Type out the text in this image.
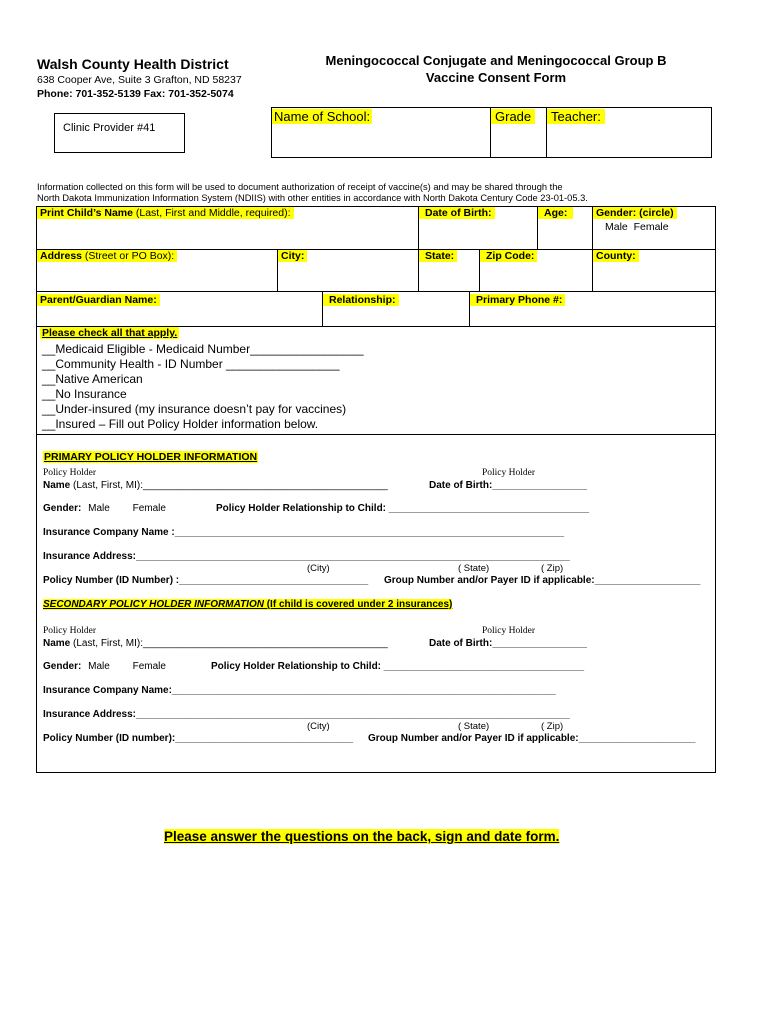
Walsh County Health District
638 Cooper Ave, Suite 3 Grafton, ND 58237
Phone: 701-352-5139 Fax: 701-352-5074
Clinic Provider #41
Meningococcal Conjugate and Meningococcal Group B
Vaccine Consent Form
Name of School:	Grade	Teacher:
Information collected on this form will be used to document authorization of receipt of vaccine(s) and may be shared through the
North Dakota Immunization Information System (NDIIS) with other entities in accordance with North Dakota Century Code 23-01-05.3.
Print Child’s Name (Last, First and Middle, required):	Date of Birth:	Age:	Gender: (circle)
Male  Female
Address (Street or PO Box):	City:	State:	Zip Code:	County:
Parent/Guardian Name:	Relationship:	Primary Phone #:
Please check all that apply.
__Medicaid Eligible - Medicaid Number_________________
__Community Health - ID Number _________________
__Native American
__No Insurance
__Under-insured (my insurance doesn’t pay for vaccines)
__Insured – Fill out Policy Holder information below.
PRIMARY POLICY HOLDER INFORMATION
Policy Holder
Name (Last, First, MI):____________________________________________
Policy Holder
Date of Birth:_________________
Gender: Male Female	Policy Holder Relationship to Child: ____________________________________
Insurance Company Name :______________________________________________________________________
Insurance Address:______________________________________________________________________________
(City)	( State)	( Zip)
Policy Number (ID Number) :__________________________________ Group Number and/or Payer ID if applicable:___________________
SECONDARY POLICY HOLDER INFORMATION (If child is covered under 2 insurances)
Policy Holder
Name (Last, First, MI):____________________________________________
Policy Holder
Date of Birth:_________________
Gender: Male Female	Policy Holder Relationship to Child: ____________________________________
Insurance Company Name:_____________________________________________________________________
Insurance Address:______________________________________________________________________________
(City)	( State)	( Zip)
Policy Number (ID number):________________________________ Group Number and/or Payer ID if applicable:_____________________
Please answer the questions on the back, sign and date form.
